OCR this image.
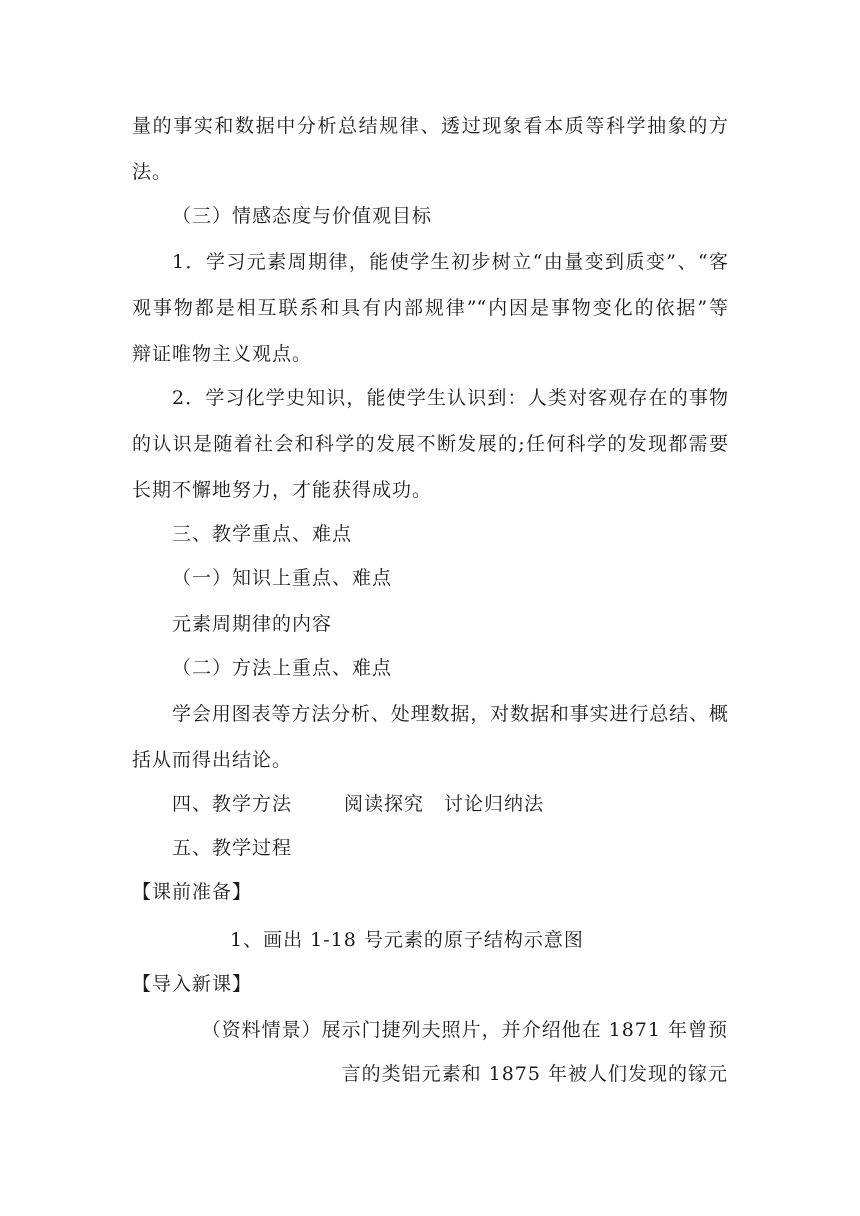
量的事实和数据中分析总结规律、透过现象看本质等科学抽象的方
法。
（三）情感态度与价值观目标
1．学习元素周期律，能使学生初步树立“由量变到质变”、“客
观事物都是相互联系和具有内部规律”“内因是事物变化的依据”等
辩证唯物主义观点。
2．学习化学史知识，能使学生认识到：人类对客观存在的事物
的认识是随着社会和科学的发展不断发展的;任何科学的发现都需要
长期不懈地努力，才能获得成功。
三、教学重点、难点
（一）知识上重点、难点
元素周期律的内容
（二）方法上重点、难点
学会用图表等方法分析、处理数据，对数据和事实进行总结、概
括从而得出结论。
四、教学方法	阅读探究 讨论归纳法
五、教学过程
【课前准备】
1、画出 1-18 号元素的原子结构示意图
【导入新课】
（资料情景）展示门捷列夫照片，并介绍他在 1871 年曾预
言的类铝元素和 1875 年被人们发现的镓元
